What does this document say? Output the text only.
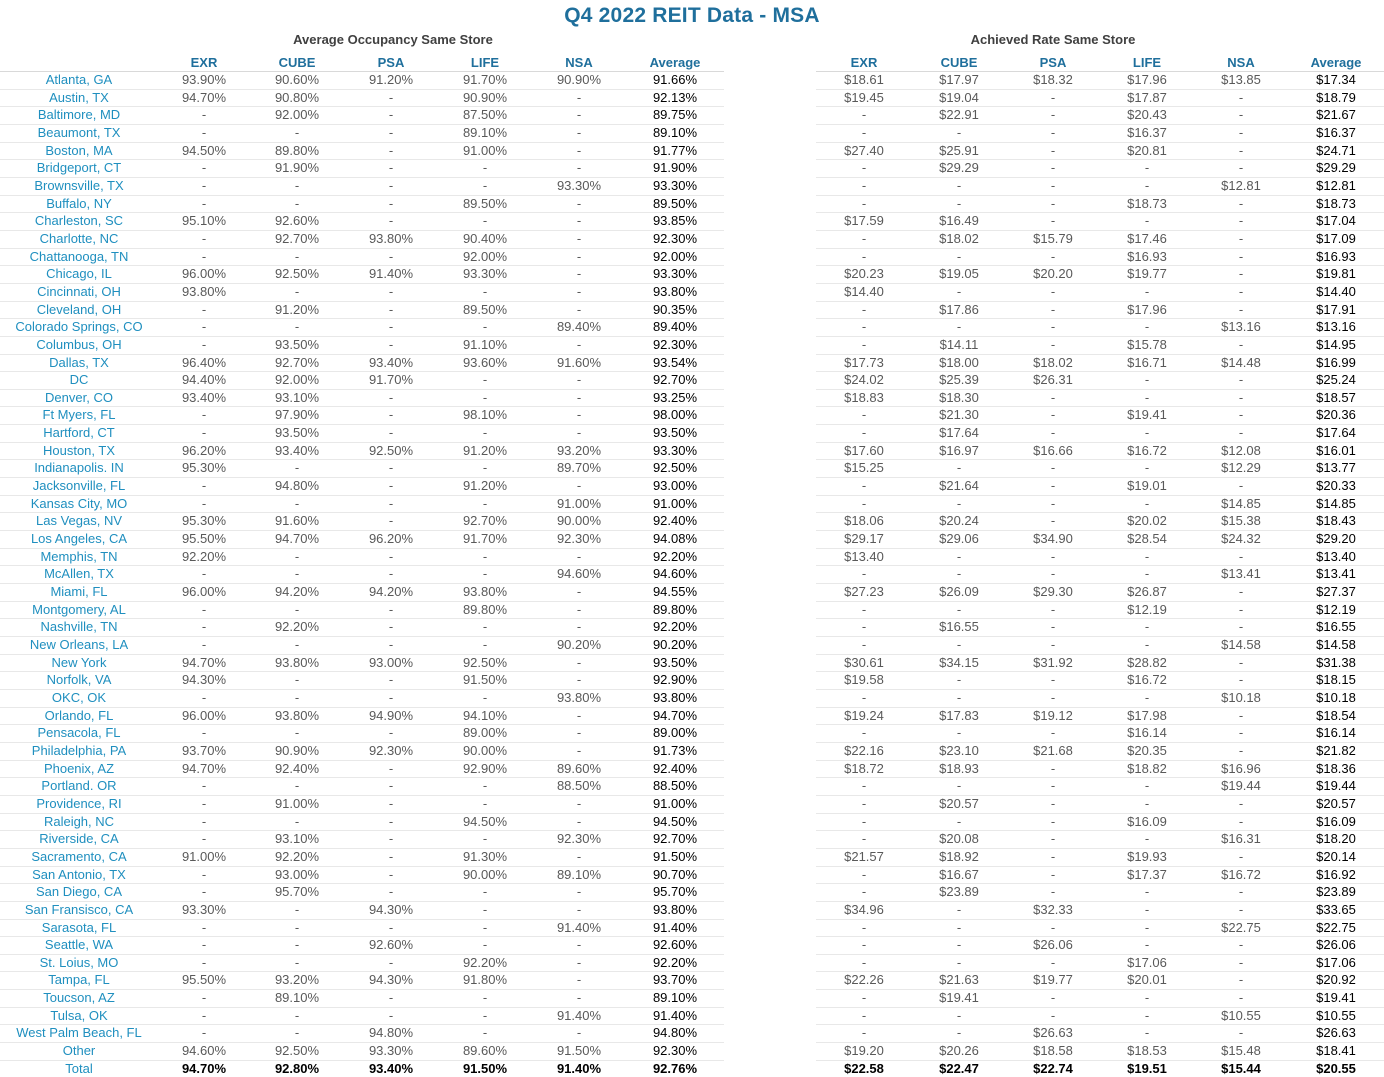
Q4 2022 REIT Data - MSA
Average Occupancy Same Store	Achieved Rate Same Store
	EXR	CUBE	PSA	LIFE	NSA	Average
Atlanta, GA	93.90%	90.60%	91.20%	91.70%	90.90%	91.66%
Austin, TX	94.70%	90.80%	-	90.90%	-	92.13%
Baltimore, MD	-	92.00%	-	87.50%	-	89.75%
Beaumont, TX	-	-	-	89.10%	-	89.10%
Boston, MA	94.50%	89.80%	-	91.00%	-	91.77%
Bridgeport, CT	-	91.90%	-	-	-	91.90%
Brownsville, TX	-	-	-	-	93.30%	93.30%
Buffalo, NY	-	-	-	89.50%	-	89.50%
Charleston, SC	95.10%	92.60%	-	-	-	93.85%
Charlotte, NC	-	92.70%	93.80%	90.40%	-	92.30%
Chattanooga, TN	-	-	-	92.00%	-	92.00%
Chicago, IL	96.00%	92.50%	91.40%	93.30%	-	93.30%
Cincinnati, OH	93.80%	-	-	-	-	93.80%
Cleveland, OH	-	91.20%	-	89.50%	-	90.35%
Colorado Springs, CO	-	-	-	-	89.40%	89.40%
Columbus, OH	-	93.50%	-	91.10%	-	92.30%
Dallas, TX	96.40%	92.70%	93.40%	93.60%	91.60%	93.54%
DC	94.40%	92.00%	91.70%	-	-	92.70%
Denver, CO	93.40%	93.10%	-	-	-	93.25%
Ft Myers, FL	-	97.90%	-	98.10%	-	98.00%
Hartford, CT	-	93.50%	-	-	-	93.50%
Houston, TX	96.20%	93.40%	92.50%	91.20%	93.20%	93.30%
Indianapolis. IN	95.30%	-	-	-	89.70%	92.50%
Jacksonville, FL	-	94.80%	-	91.20%	-	93.00%
Kansas City, MO	-	-	-	-	91.00%	91.00%
Las Vegas, NV	95.30%	91.60%	-	92.70%	90.00%	92.40%
Los Angeles, CA	95.50%	94.70%	96.20%	91.70%	92.30%	94.08%
Memphis, TN	92.20%	-	-	-	-	92.20%
McAllen, TX	-	-	-	-	94.60%	94.60%
Miami, FL	96.00%	94.20%	94.20%	93.80%	-	94.55%
Montgomery, AL	-	-	-	89.80%	-	89.80%
Nashville, TN	-	92.20%	-	-	-	92.20%
New Orleans, LA	-	-	-	-	90.20%	90.20%
New York	94.70%	93.80%	93.00%	92.50%	-	93.50%
Norfolk, VA	94.30%	-	-	91.50%	-	92.90%
OKC, OK	-	-	-	-	93.80%	93.80%
Orlando, FL	96.00%	93.80%	94.90%	94.10%	-	94.70%
Pensacola, FL	-	-	-	89.00%	-	89.00%
Philadelphia, PA	93.70%	90.90%	92.30%	90.00%	-	91.73%
Phoenix, AZ	94.70%	92.40%	-	92.90%	89.60%	92.40%
Portland. OR	-	-	-	-	88.50%	88.50%
Providence, RI	-	91.00%	-	-	-	91.00%
Raleigh, NC	-	-	-	94.50%	-	94.50%
Riverside, CA	-	93.10%	-	-	92.30%	92.70%
Sacramento, CA	91.00%	92.20%	-	91.30%	-	91.50%
San Antonio, TX	-	93.00%	-	90.00%	89.10%	90.70%
San Diego, CA	-	95.70%	-	-	-	95.70%
San Fransisco, CA	93.30%	-	94.30%	-	-	93.80%
Sarasota, FL	-	-	-	-	91.40%	91.40%
Seattle, WA	-	-	92.60%	-	-	92.60%
St. Loius, MO	-	-	-	92.20%	-	92.20%
Tampa, FL	95.50%	93.20%	94.30%	91.80%	-	93.70%
Toucson, AZ	-	89.10%	-	-	-	89.10%
Tulsa, OK	-	-	-	-	91.40%	91.40%
West Palm Beach, FL	-	-	94.80%	-	-	94.80%
Other	94.60%	92.50%	93.30%	89.60%	91.50%	92.30%
Total	94.70%	92.80%	93.40%	91.50%	91.40%	92.76%
EXR	CUBE	PSA	LIFE	NSA	Average
$18.61	$17.97	$18.32	$17.96	$13.85	$17.34
$19.45	$19.04	-	$17.87	-	$18.79
-	$22.91	-	$20.43	-	$21.67
-	-	-	$16.37	-	$16.37
$27.40	$25.91	-	$20.81	-	$24.71
-	$29.29	-	-	-	$29.29
-	-	-	-	$12.81	$12.81
-	-	-	$18.73	-	$18.73
$17.59	$16.49	-	-	-	$17.04
-	$18.02	$15.79	$17.46	-	$17.09
-	-	-	$16.93	-	$16.93
$20.23	$19.05	$20.20	$19.77	-	$19.81
$14.40	-	-	-	-	$14.40
-	$17.86	-	$17.96	-	$17.91
-	-	-	-	$13.16	$13.16
-	$14.11	-	$15.78	-	$14.95
$17.73	$18.00	$18.02	$16.71	$14.48	$16.99
$24.02	$25.39	$26.31	-	-	$25.24
$18.83	$18.30	-	-	-	$18.57
-	$21.30	-	$19.41	-	$20.36
-	$17.64	-	-	-	$17.64
$17.60	$16.97	$16.66	$16.72	$12.08	$16.01
$15.25	-	-	-	$12.29	$13.77
-	$21.64	-	$19.01	-	$20.33
-	-	-	-	$14.85	$14.85
$18.06	$20.24	-	$20.02	$15.38	$18.43
$29.17	$29.06	$34.90	$28.54	$24.32	$29.20
$13.40	-	-	-	-	$13.40
-	-	-	-	$13.41	$13.41
$27.23	$26.09	$29.30	$26.87	-	$27.37
-	-	-	$12.19	-	$12.19
-	$16.55	-	-	-	$16.55
-	-	-	-	$14.58	$14.58
$30.61	$34.15	$31.92	$28.82	-	$31.38
$19.58	-	-	$16.72	-	$18.15
-	-	-	-	$10.18	$10.18
$19.24	$17.83	$19.12	$17.98	-	$18.54
-	-	-	$16.14	-	$16.14
$22.16	$23.10	$21.68	$20.35	-	$21.82
$18.72	$18.93	-	$18.82	$16.96	$18.36
-	-	-	-	$19.44	$19.44
-	$20.57	-	-	-	$20.57
-	-	-	$16.09	-	$16.09
-	$20.08	-	-	$16.31	$18.20
$21.57	$18.92	-	$19.93	-	$20.14
-	$16.67	-	$17.37	$16.72	$16.92
-	$23.89	-	-	-	$23.89
$34.96	-	$32.33	-	-	$33.65
-	-	-	-	$22.75	$22.75
-	-	$26.06	-	-	$26.06
-	-	-	$17.06	-	$17.06
$22.26	$21.63	$19.77	$20.01	-	$20.92
-	$19.41	-	-	-	$19.41
-	-	-	-	$10.55	$10.55
-	-	$26.63	-	-	$26.63
$19.20	$20.26	$18.58	$18.53	$15.48	$18.41
$22.58	$22.47	$22.74	$19.51	$15.44	$20.55
